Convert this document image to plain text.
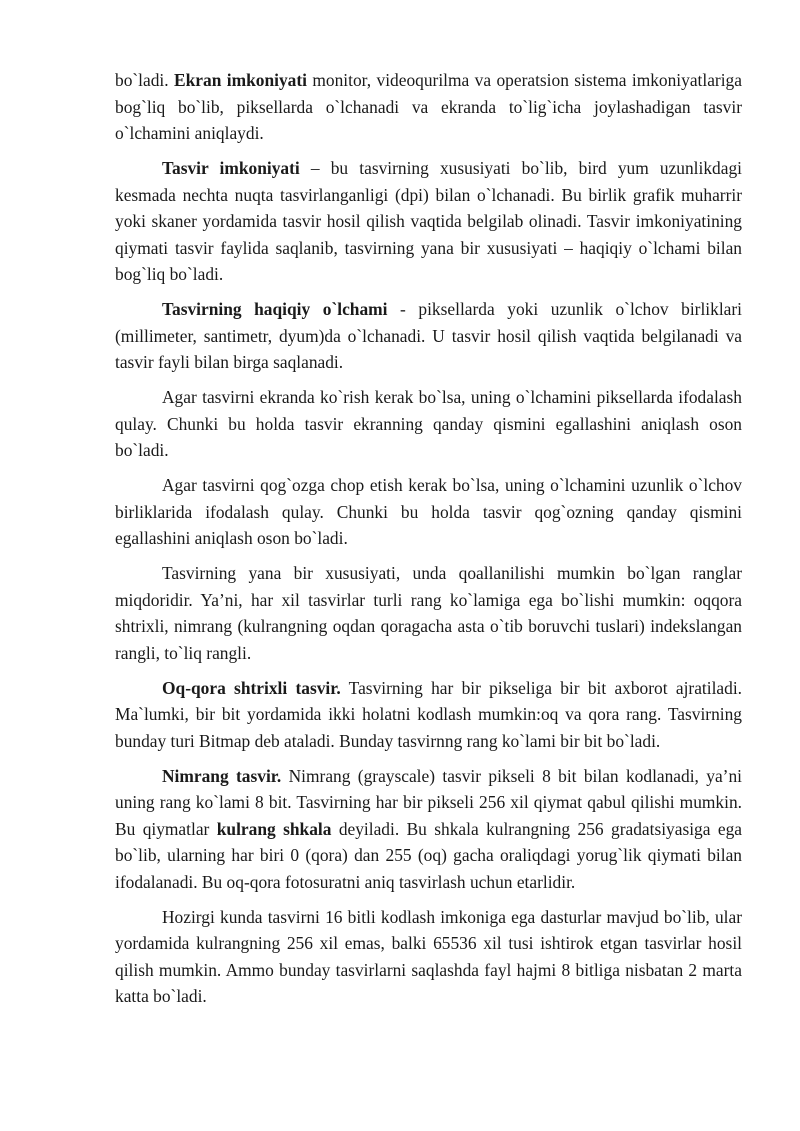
bo`ladi. Ekran imkoniyati monitor, videoqurilma va operatsion sistema imkoniyatlariga bog`liq bo`lib, piksellarda o`lchanadi va ekranda to`lig`icha joylashadigan tasvir o`lchamini aniqlaydi.

Tasvir imkoniyati – bu tasvirning xususiyati bo`lib, bird yum uzunlikdagi kesmada nechta nuqta tasvirlanganligi (dpi) bilan o`lchanadi. Bu birlik grafik muharrir yoki skaner yordamida tasvir hosil qilish vaqtida belgilab olinadi. Tasvir imkoniyatining qiymati tasvir faylida saqlanib, tasvirning yana bir xususiyati – haqiqiy o`lchami bilan bog`liq bo`ladi.

Tasvirning haqiqiy o`lchami - piksellarda yoki uzunlik o`lchov birliklari (millimeter, santimetr, dyum)da o`lchanadi. U tasvir hosil qilish vaqtida belgilanadi va tasvir fayli bilan birga saqlanadi.

Agar tasvirni ekranda ko`rish kerak bo`lsa, uning o`lchamini piksellarda ifodalash qulay. Chunki bu holda tasvir ekranning qanday qismini egallashini aniqlash oson bo`ladi.

Agar tasvirni qog`ozga chop etish kerak bo`lsa, uning o`lchamini uzunlik o`lchov birliklarida ifodalash qulay. Chunki bu holda tasvir qog`ozning qanday qismini egallashini aniqlash oson bo`ladi.

Tasvirning yana bir xususiyati, unda qoallanilishi mumkin bo`lgan ranglar miqdoridir. Ya’ni, har xil tasvirlar turli rang ko`lamiga ega bo`lishi mumkin: oqqora shtrixli, nimrang (kulrangning oqdan qoragacha asta o`tib boruvchi tuslari) indekslangan rangli, to`liq rangli.

Oq-qora shtrixli tasvir. Tasvirning har bir pikseliga bir bit axborot ajratiladi. Ma`lumki, bir bit yordamida ikki holatni kodlash mumkin:oq va qora rang. Tasvirning bunday turi Bitmap deb ataladi. Bunday tasvirnng rang ko`lami bir bit bo`ladi.

Nimrang tasvir. Nimrang (grayscale) tasvir pikseli 8 bit bilan kodlanadi, ya’ni uning rang ko`lami 8 bit. Tasvirning har bir pikseli 256 xil qiymat qabul qilishi mumkin. Bu qiymatlar kulrang shkala deyiladi. Bu shkala kulrangning 256 gradatsiyasiga ega bo`lib, ularning har biri 0 (qora) dan 255 (oq) gacha oraliqdagi yorug`lik qiymati bilan ifodalanadi. Bu oq-qora fotosuratni aniq tasvirlash uchun etarlidir.

Hozirgi kunda tasvirni 16 bitli kodlash imkoniga ega dasturlar mavjud bo`lib, ular yordamida kulrangning 256 xil emas, balki 65536 xil tusi ishtirok etgan tasvirlar hosil qilish mumkin. Ammo bunday tasvirlarni saqlashda fayl hajmi 8 bitliga nisbatan 2 marta katta bo`ladi.
